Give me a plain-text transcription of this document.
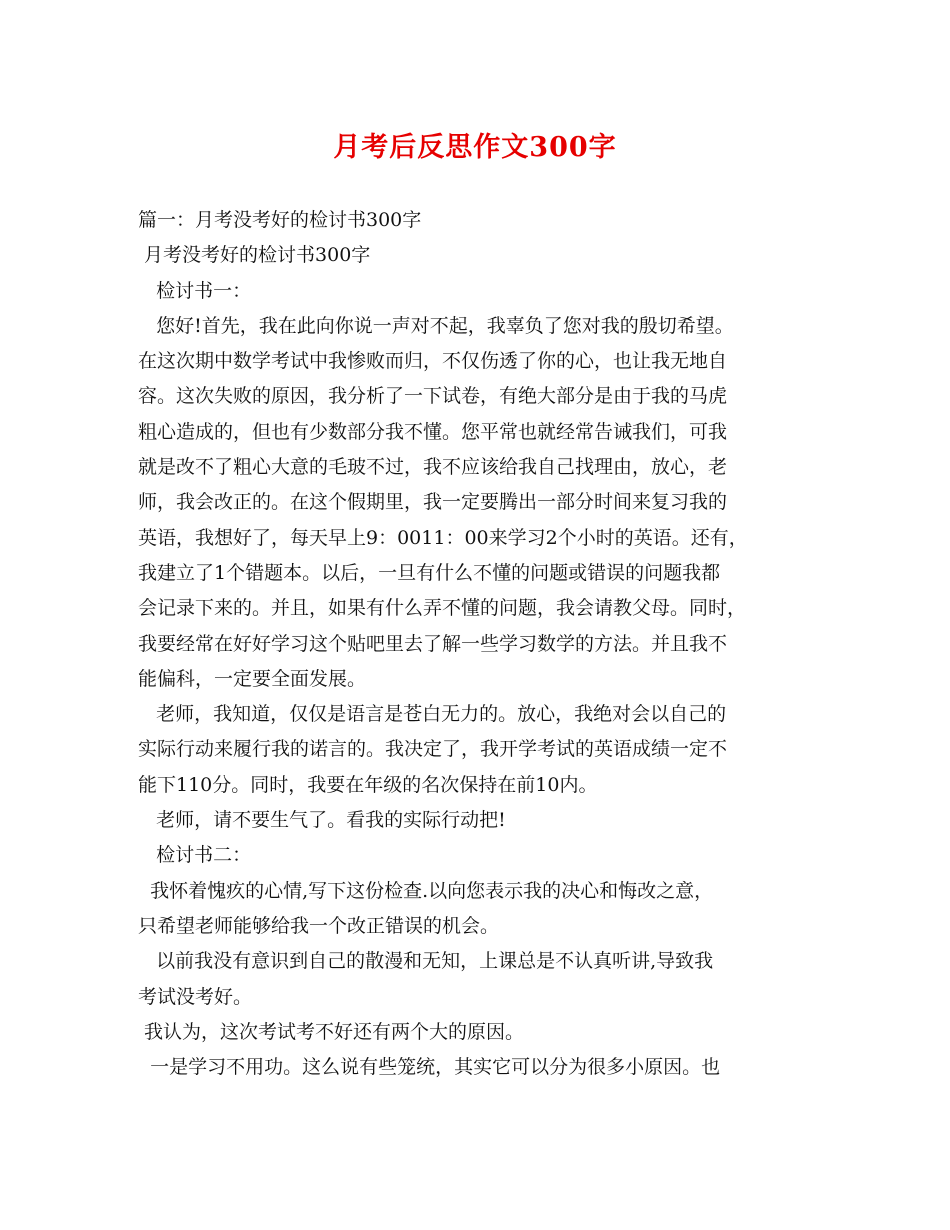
月考后反思作文300字
篇一：月考没考好的检讨书300字
月考没考好的检讨书300字
检讨书一：
您好!首先，我在此向你说一声对不起，我辜负了您对我的殷切希望。
在这次期中数学考试中我惨败而归，不仅伤透了你的心，也让我无地自
容。这次失败的原因，我分析了一下试卷，有绝大部分是由于我的马虎
粗心造成的，但也有少数部分我不懂。您平常也就经常告诫我们，可我
就是改不了粗心大意的毛玻不过，我不应该给我自己找理由，放心，老
师，我会改正的。在这个假期里，我一定要腾出一部分时间来复习我的
英语，我想好了，每天早上9：0011：00来学习2个小时的英语。还有，
我建立了1个错题本。以后，一旦有什么不懂的问题或错误的问题我都
会记录下来的。并且，如果有什么弄不懂的问题，我会请教父母。同时，
我要经常在好好学习这个贴吧里去了解一些学习数学的方法。并且我不
能偏科，一定要全面发展。
老师，我知道，仅仅是语言是苍白无力的。放心，我绝对会以自己的
实际行动来履行我的诺言的。我决定了，我开学考试的英语成绩一定不
能下110分。同时，我要在年级的名次保持在前10内。
老师，请不要生气了。看我的实际行动把!
检讨书二：
我怀着愧疚的心情,写下这份检查.以向您表示我的决心和悔改之意，
只希望老师能够给我一个改正错误的机会。
以前我没有意识到自己的散漫和无知，上课总是不认真听讲,导致我
考试没考好。
我认为，这次考试考不好还有两个大的原因。
一是学习不用功。这么说有些笼统，其实它可以分为很多小原因。也
